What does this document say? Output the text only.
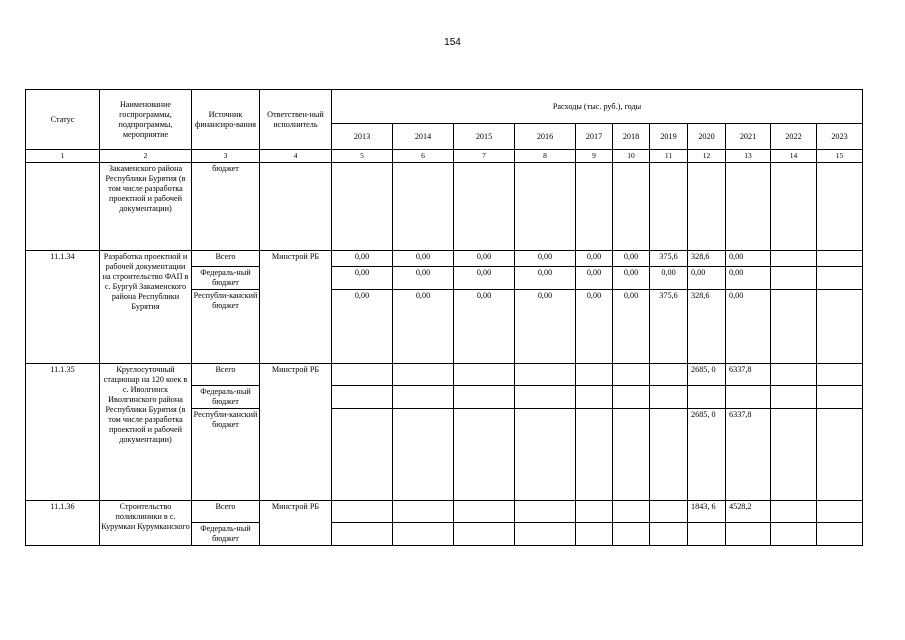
154
Статус	Наименование госпрограммы, подпрограммы, мероприятие	Источник финансиро-вания	Ответствен-ный исполнитель	Расходы (тыс. руб.), годы										
				2013	2014	2015	2016	2017	2018	2019	2020	2021	2022	2023
1	2	3	4	5	6	7	8	9	10	11	12	13	14	15
	Закаменского района Республики Бурятия (в том числе разработка проектной и рабочей документации)	бюджет												
11.1.34	Разработка проектной и рабочей документации на строительство ФАП в с. Бургуй Закаменского района Республики Бурятия	Всего	Минстрой РБ	0,00	0,00	0,00	0,00	0,00	0,00	375,6	328,6	0,00		
		Федераль-ный бюджет		0,00	0,00	0,00	0,00	0,00	0,00	0,00	0,00	0,00		
		Республи-канский бюджет		0,00	0,00	0,00	0,00	0,00	0,00	375,6	328,6	0,00		
11.1.35	Круглосуточный стационар на 120 коек в с. Иволгинск Иволгинского района Республики Бурятия (в том числе разработка проектной и рабочей документации)	Всего	Минстрой РБ								2685, 0	6337,8		
		Федераль-ный бюджет												
		Республи-канский бюджет									2685, 0	6337,8		
11.1.36	Строительство поликлиники в с. Курумкан Курумканского	Всего	Минстрой РБ								1843, 6	4528,2		
		Федераль-ный бюджет												
